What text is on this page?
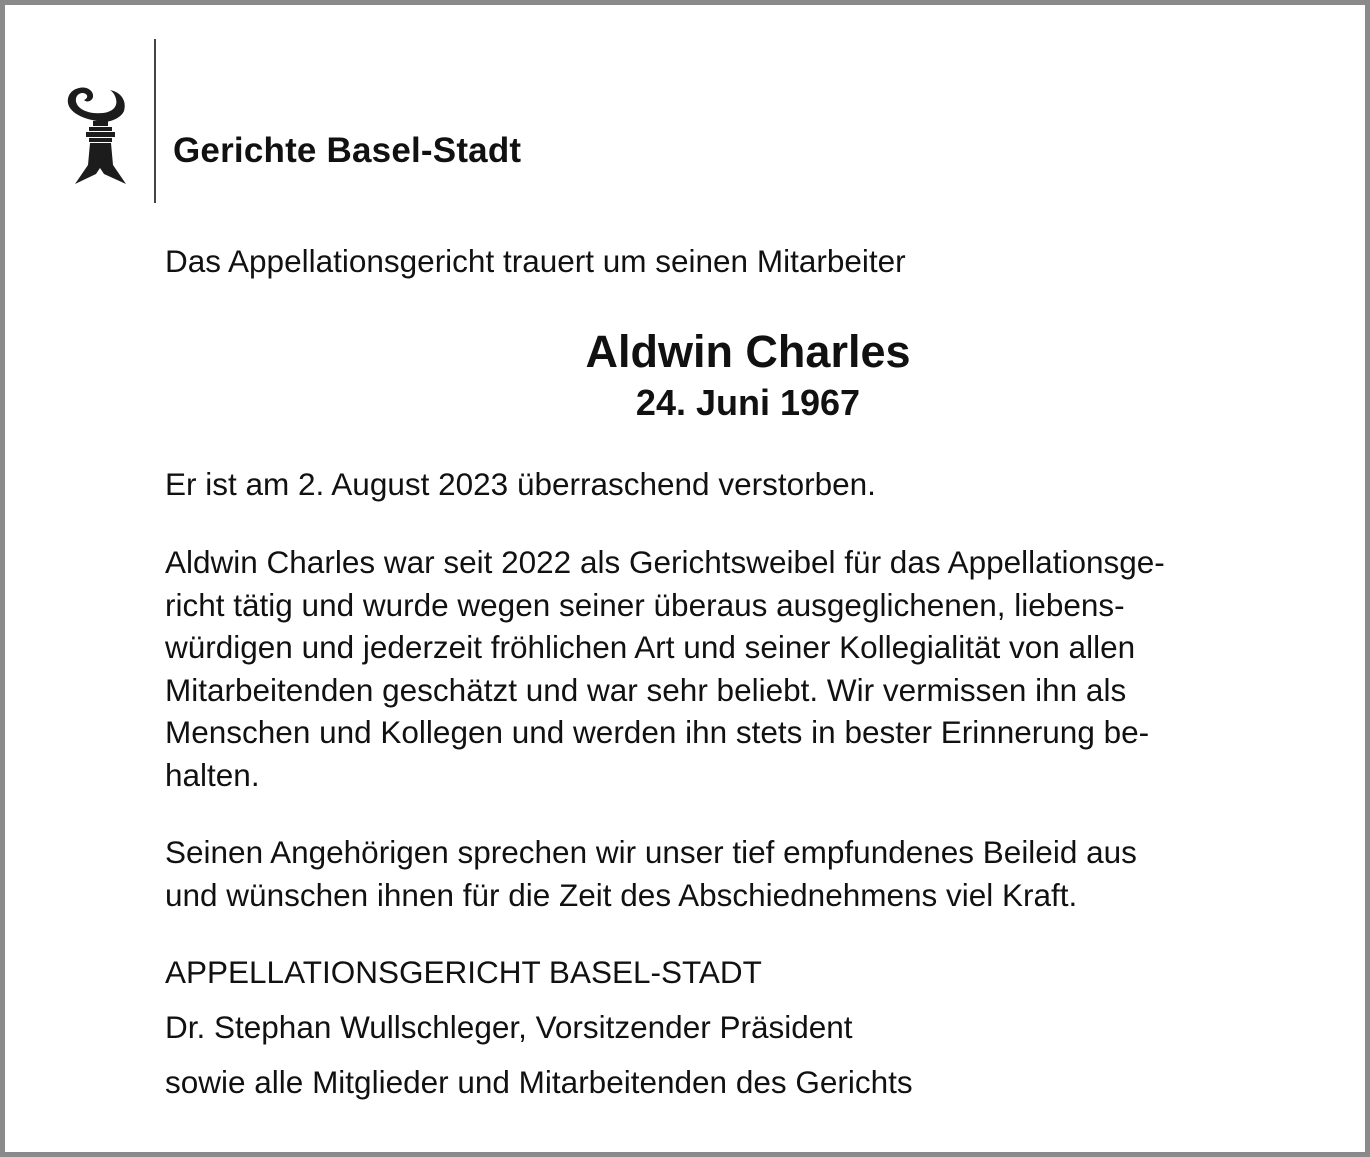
Gerichte Basel-Stadt
Das Appellationsgericht trauert um seinen Mitarbeiter
Aldwin Charles
24. Juni 1967
Er ist am 2. August 2023 überraschend verstorben.
Aldwin Charles war seit 2022 als Gerichtsweibel für das Appellationsge-
richt tätig und wurde wegen seiner überaus ausgeglichenen, liebens-
würdigen und jederzeit fröhlichen Art und seiner Kollegialität von allen
Mitarbeitenden geschätzt und war sehr beliebt. Wir vermissen ihn als
Menschen und Kollegen und werden ihn stets in bester Erinnerung be-
halten.
Seinen Angehörigen sprechen wir unser tief empfundenes Beileid aus
und wünschen ihnen für die Zeit des Abschiednehmens viel Kraft.
APPELLATIONSGERICHT BASEL-STADT
Dr. Stephan Wullschleger, Vorsitzender Präsident
sowie alle Mitglieder und Mitarbeitenden des Gerichts
